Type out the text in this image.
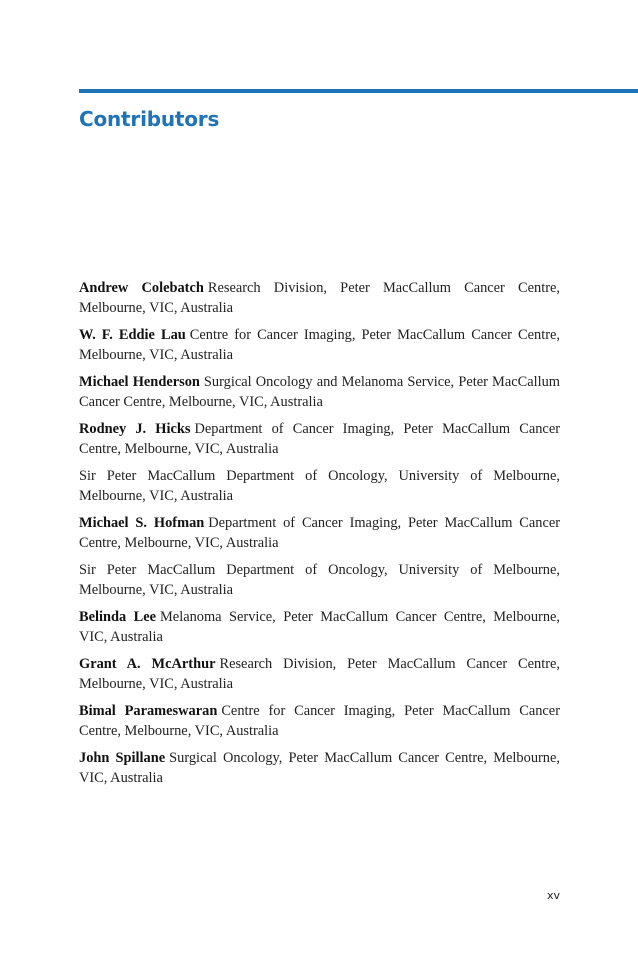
Contributors

Andrew Colebatch Research Division, Peter MacCallum Cancer Centre, Melbourne, VIC, Australia

W. F. Eddie Lau Centre for Cancer Imaging, Peter MacCallum Cancer Centre, Melbourne, VIC, Australia

Michael Henderson Surgical Oncology and Melanoma Service, Peter MacCallum Cancer Centre, Melbourne, VIC, Australia

Rodney J. Hicks Department of Cancer Imaging, Peter MacCallum Cancer Centre, Melbourne, VIC, Australia

Sir Peter MacCallum Department of Oncology, University of Melbourne, Melbourne, VIC, Australia

Michael S. Hofman Department of Cancer Imaging, Peter MacCallum Cancer Centre, Melbourne, VIC, Australia

Sir Peter MacCallum Department of Oncology, University of Melbourne, Melbourne, VIC, Australia

Belinda Lee Melanoma Service, Peter MacCallum Cancer Centre, Melbourne, VIC, Australia

Grant A. McArthur Research Division, Peter MacCallum Cancer Centre, Melbourne, VIC, Australia

Bimal Parameswaran Centre for Cancer Imaging, Peter MacCallum Cancer Centre, Melbourne, VIC, Australia

John Spillane Surgical Oncology, Peter MacCallum Cancer Centre, Melbourne, VIC, Australia

xv
